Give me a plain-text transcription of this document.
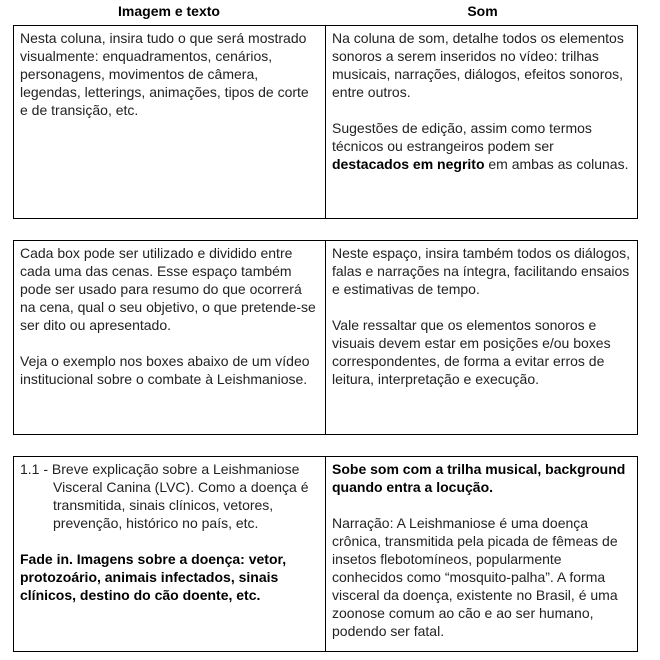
Imagem e texto	Som

Nesta coluna, insira tudo o que será mostrado visualmente: enquadramentos, cenários, personagens, movimentos de câmera, legendas, letterings, animações, tipos de corte e de transição, etc.

Na coluna de som, detalhe todos os elementos sonoros a serem inseridos no vídeo: trilhas musicais, narrações, diálogos, efeitos sonoros, entre outros.

Sugestões de edição, assim como termos técnicos ou estrangeiros podem ser destacados em negrito em ambas as colunas.

Cada box pode ser utilizado e dividido entre cada uma das cenas. Esse espaço também pode ser usado para resumo do que ocorrerá na cena, qual o seu objetivo, o que pretende-se ser dito ou apresentado.

Veja o exemplo nos boxes abaixo de um vídeo institucional sobre o combate à Leishmaniose.

Neste espaço, insira também todos os diálogos, falas e narrações na íntegra, facilitando ensaios e estimativas de tempo.

Vale ressaltar que os elementos sonoros e visuais devem estar em posições e/ou boxes correspondentes, de forma a evitar erros de leitura, interpretação e execução.

1.1 - Breve explicação sobre a Leishmaniose Visceral Canina (LVC). Como a doença é transmitida, sinais clínicos, vetores, prevenção, histórico no país, etc.

Fade in. Imagens sobre a doença: vetor, protozoário, animais infectados, sinais clínicos, destino do cão doente, etc.

Sobe som com a trilha musical, background quando entra a locução.

Narração: A Leishmaniose é uma doença crônica, transmitida pela picada de fêmeas de insetos flebotomíneos, popularmente conhecidos como “mosquito-palha”. A forma visceral da doença, existente no Brasil, é uma zoonose comum ao cão e ao ser humano, podendo ser fatal.
